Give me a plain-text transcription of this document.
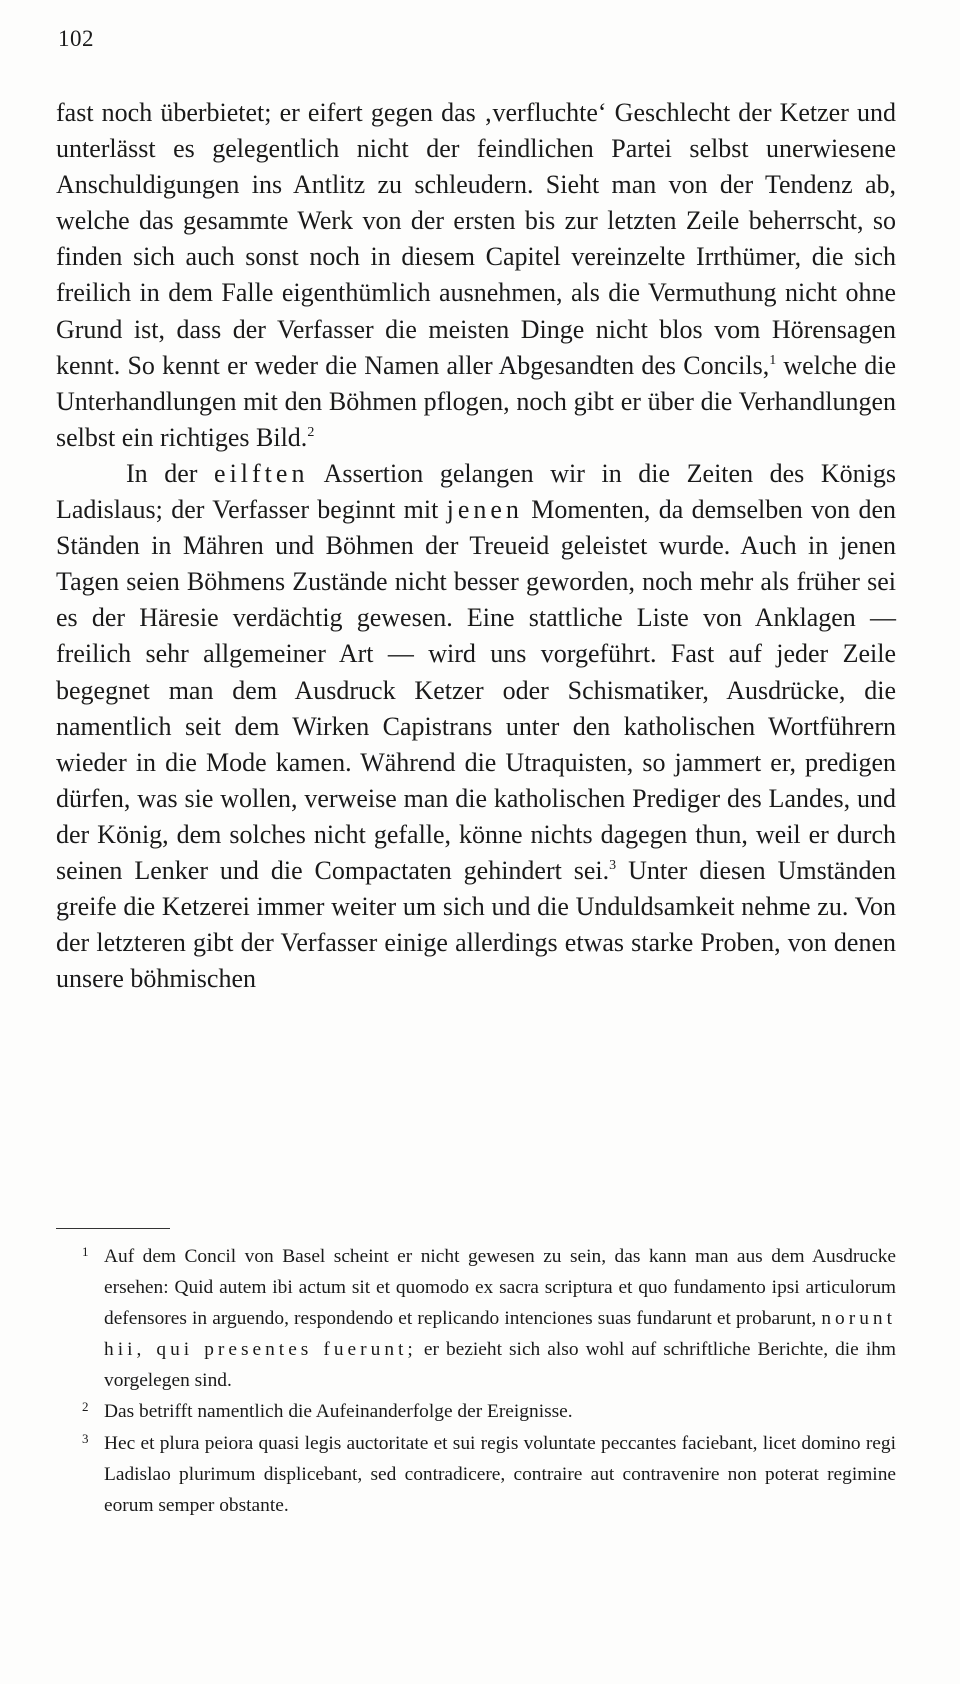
102

fast noch überbietet; er eifert gegen das ‚verfluchte‘ Geschlecht der Ketzer und unterlässt es gelegentlich nicht der feindlichen Partei selbst unerwiesene Anschuldigungen ins Antlitz zu schleudern. Sieht man von der Tendenz ab, welche das gesammte Werk von der ersten bis zur letzten Zeile beherrscht, so finden sich auch sonst noch in diesem Capitel vereinzelte Irrthümer, die sich freilich in dem Falle eigenthümlich ausnehmen, als die Vermuthung nicht ohne Grund ist, dass der Verfasser die meisten Dinge nicht blos vom Hörensagen kennt. So kennt er weder die Namen aller Abgesandten des Concils,$^1$ welche die Unterhandlungen mit den Böhmen pflogen, noch gibt er über die Verhandlungen selbst ein richtiges Bild.$^2$

In der eilften Assertion gelangen wir in die Zeiten des Königs Ladislaus; der Verfasser beginnt mit jenen Momenten, da demselben von den Ständen in Mähren und Böhmen der Treueid geleistet wurde. Auch in jenen Tagen seien Böhmens Zustände nicht besser geworden, noch mehr als früher sei es der Häresie verdächtig gewesen. Eine stattliche Liste von Anklagen — freilich sehr allgemeiner Art — wird uns vorgeführt. Fast auf jeder Zeile begegnet man dem Ausdruck Ketzer oder Schismatiker, Ausdrücke, die namentlich seit dem Wirken Capistrans unter den katholischen Wortführern wieder in die Mode kamen. Während die Utraquisten, so jammert er, predigen dürfen, was sie wollen, verweise man die katholischen Prediger des Landes, und der König, dem solches nicht gefalle, könne nichts dagegen thun, weil er durch seinen Lenker und die Compactaten gehindert sei.$^3$ Unter diesen Umständen greife die Ketzerei immer weiter um sich und die Unduldsamkeit nehme zu. Von der letzteren gibt der Verfasser einige allerdings etwas starke Proben, von denen unsere böhmischen

1 Auf dem Concil von Basel scheint er nicht gewesen zu sein, das kann man aus dem Ausdrucke ersehen: Quid autem ibi actum sit et quomodo ex sacra scriptura et quo fundamento ipsi articulorum defensores in arguendo, respondendo et replicando intenciones suas fundarunt et probarunt, norunt hii, qui presentes fuerunt; er bezieht sich also wohl auf schriftliche Berichte, die ihm vorgelegen sind.

2 Das betrifft namentlich die Aufeinanderfolge der Ereignisse.

3 Hec et plura peiora quasi legis auctoritate et sui regis voluntate peccantes faciebant, licet domino regi Ladislao plurimum displicebant, sed contradicere, contraire aut contravenire non poterat regimine eorum semper obstante.
